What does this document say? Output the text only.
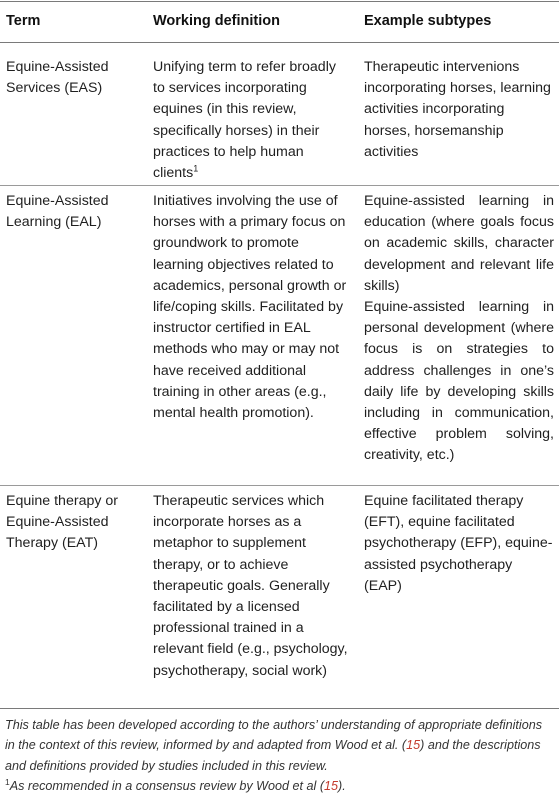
Term	Working definition	Example subtypes
Equine-Assisted Services (EAS)
Unifying term to refer broadly to services incorporating equines (in this review, specifically horses) in their practices to help human clients$^1$
Therapeutic intervenions incorporating horses, learning activities incorporating horses, horsemanship activities
Equine-Assisted Learning (EAL)
Initiatives involving the use of horses with a primary focus on groundwork to promote learning objectives related to academics, personal growth or life/coping skills. Facilitated by instructor certified in EAL methods who may or may not have received additional training in other areas (e.g., mental health promotion).
Equine-assisted learning in education (where goals focus on academic skills, character development and relevant life skills)
Equine-assisted learning in personal development (where focus is on strategies to address challenges in one’s daily life by developing skills including in communication, effective problem solving, creativity, etc.)
Equine therapy or Equine-Assisted Therapy (EAT)
Therapeutic services which incorporate horses as a metaphor to supplement therapy, or to achieve therapeutic goals. Generally facilitated by a licensed professional trained in a relevant field (e.g., psychology, psychotherapy, social work)
Equine facilitated therapy (EFT), equine facilitated psychotherapy (EFP), equine-assisted psychotherapy (EAP)
This table has been developed according to the authors’ understanding of appropriate definitions in the context of this review, informed by and adapted from Wood et al. (15) and the descriptions and definitions provided by studies included in this review.
$^1$As recommended in a consensus review by Wood et al (15).
